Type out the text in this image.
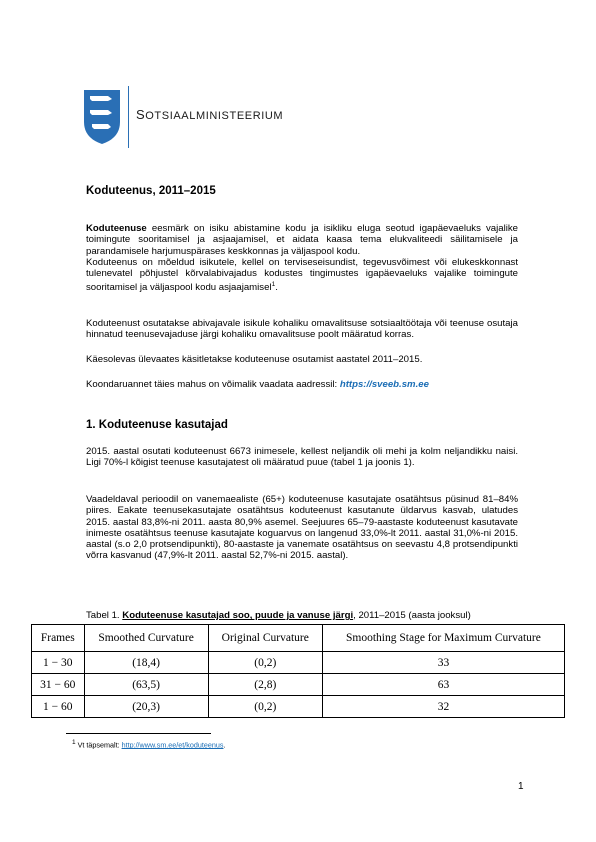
SOTSIAALMINISTEERIUM
Koduteenus, 2011–2015
Koduteenuse eesmärk on isiku abistamine kodu ja isikliku eluga seotud igapäevaeluks vajalike toimingute sooritamisel ja asjaajamisel, et aidata kaasa tema elukvaliteedi säilitamisele ja parandamisele harjumuspärases keskkonnas ja väljaspool kodu.
Koduteenus on mõeldud isikutele, kellel on terviseseisundist, tegevusvõimest või elukeskkonnast tulenevatel põhjustel kõrvalabivajadus kodustes tingimustes igapäevaeluks vajalike toimingute sooritamisel ja väljaspool kodu asjaajamisel$^1$.
Koduteenust osutatakse abivajavale isikule kohaliku omavalitsuse sotsiaaltöötaja või teenuse osutaja hinnatud teenusevajaduse järgi kohaliku omavalitsuse poolt määratud korras.
Käesolevas ülevaates käsitletakse koduteenuse osutamist aastatel 2011–2015.
Koondaruannet täies mahus on võimalik vaadata aadressil: https://sveeb.sm.ee
1. Koduteenuse kasutajad
2015. aastal osutati koduteenust 6673 inimesele, kellest neljandik oli mehi ja kolm neljandikku naisi. Ligi 70%-l kõigist teenuse kasutajatest oli määratud puue (tabel 1 ja joonis 1).
Vaadeldaval perioodil on vanemaealiste (65+) koduteenuse kasutajate osatähtsus püsinud 81–84% piires. Eakate teenusekasutajate osatähtsus koduteenust kasutanute üldarvus kasvab, ulatudes 2015. aastal 83,8%-ni 2011. aasta 80,9% asemel. Seejuures 65–79-aastaste koduteenust kasutavate inimeste osatähtsus teenuse kasutajate koguarvus on langenud 33,0%-lt 2011. aastal 31,0%-ni 2015. aastal (s.o 2,0 protsendipunkti), 80-aastaste ja vanemate osatähtsus on seevastu 4,8 protsendipunkti võrra kasvanud (47,9%-lt 2011. aastal 52,7%-ni 2015. aastal).
Tabel 1. Koduteenuse kasutajad soo, puude ja vanuse järgi, 2011–2015 (aasta jooksul)
Frames	Smoothed Curvature	Original Curvature	Smoothing Stage for Maximum Curvature
1 − 30	(18,4)	(0,2)	33
31 − 60	(63,5)	(2,8)	63
1 − 60	(20,3)	(0,2)	32
$^1$ Vt täpsemalt: http://www.sm.ee/et/koduteenus.
1
